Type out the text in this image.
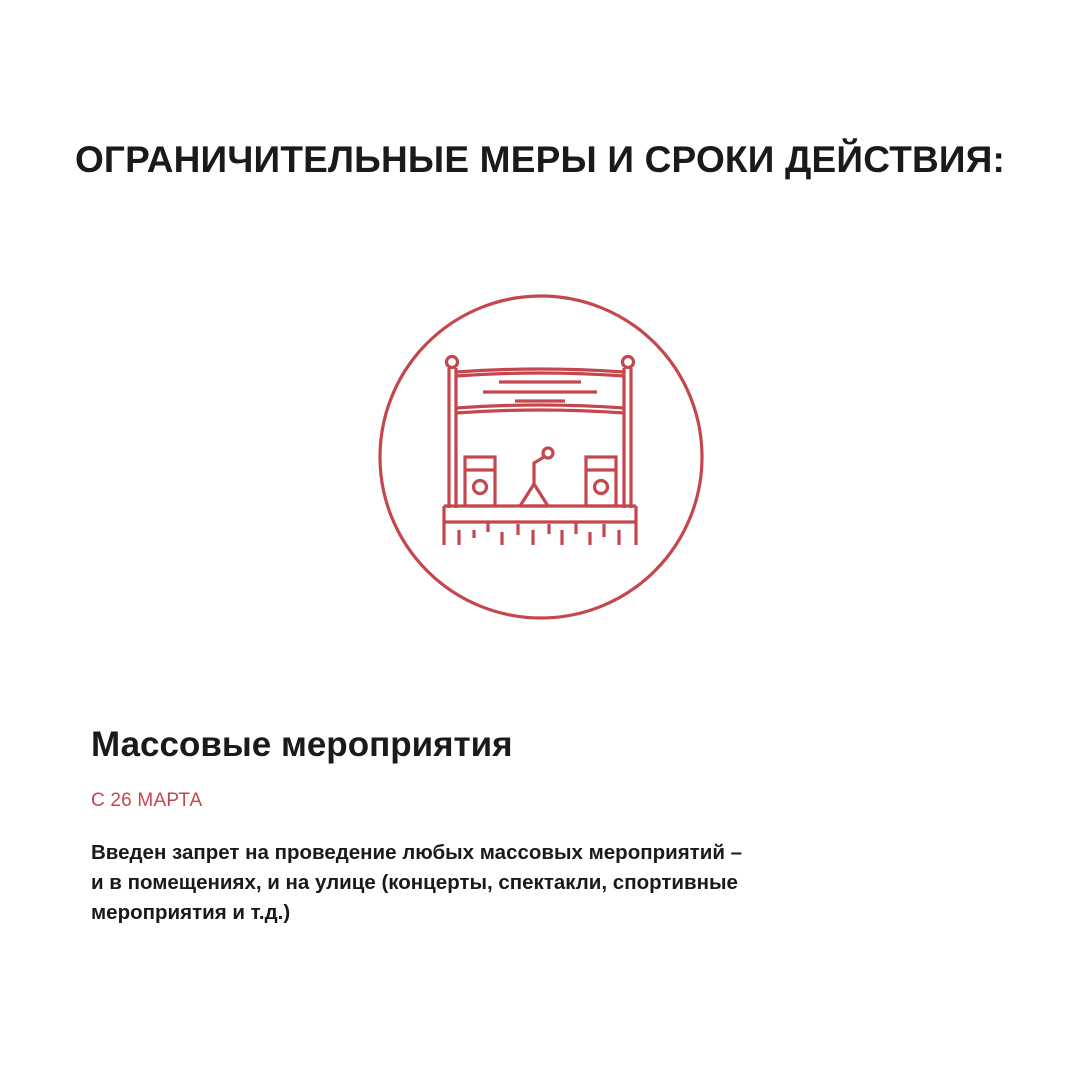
ОГРАНИЧИТЕЛЬНЫЕ МЕРЫ И СРОКИ ДЕЙСТВИЯ:
Массовые мероприятия
С 26 МАРТА

Введен запрет на проведение любых массовых мероприятий –
и в помещениях, и на улице (концерты, спектакли, спортивные
мероприятия и т.д.)
